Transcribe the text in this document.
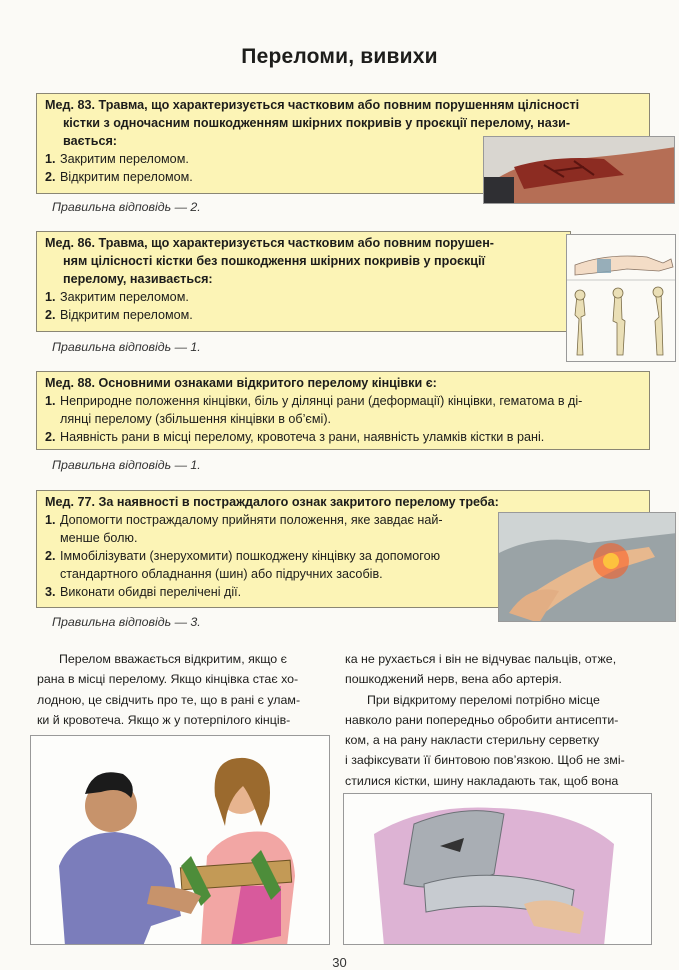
Переломи, вивихи
Мед. 83. Травма, що характеризується частковим або повним порушенням цілісності
кістки з одночасним пошкодженням шкірних покривів у проєкції перелому, нази-
вається:
1. Закритим переломом.
2. Відкритим переломом.
Правильна відповідь — 2.
Мед. 86. Травма, що характеризується частковим або повним порушен-
ням цілісності кістки без пошкодження шкірних покривів у проєкції
перелому, називається:
1. Закритим переломом.
2. Відкритим переломом.
Правильна відповідь — 1.
Мед. 88. Основними ознаками відкритого перелому кінцівки є:
1. Неприродне положення кінцівки, біль у ділянці рани (деформації) кінцівки, гематома в ді-
лянці перелому (збільшення кінцівки в об’ємі).
2. Наявність рани в місці перелому, кровотеча з рани, наявність уламків кістки в рані.
Правильна відповідь — 1.
Мед. 77. За наявності в постраждалого ознак закритого перелому треба:
1. Допомогти постраждалому прийняти положення, яке завдає най-
менше болю.
2. Іммобілізувати (знерухомити) пошкоджену кінцівку за допомогою
стандартного обладнання (шин) або підручних засобів.
3. Виконати обидві перелічені дії.
Правильна відповідь — 3.

Перелом вважається відкритим, якщо є

рана в місці перелому. Якщо кінцівка стає хо-
лодною, це свідчить про те, що в рані є улам-
ки й кровотеча. Якщо ж у потерпілого кінців-

ка не рухається і він не відчуває пальців, отже,
пошкоджений нерв, вена або артерія.

При відкритому переломі потрібно місце

навколо рани попередньо обробити антисепти-
ком, а на рану накласти стерильну серветку
і зафіксувати її бинтовою пов’язкою. Щоб не змі-
стилися кістки, шину накладають так, щоб вона

30
